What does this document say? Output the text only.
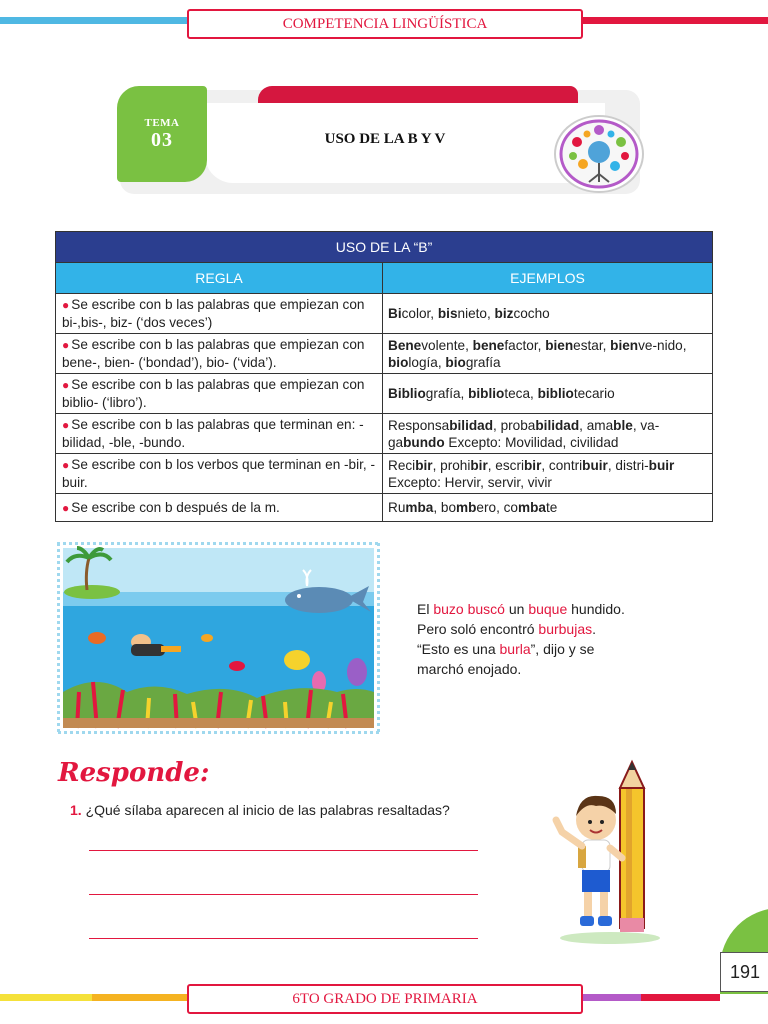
COMPETENCIA LINGÜÍSTICA
TEMA
03	USO DE LA B Y V
USO DE LA “B”	
REGLA	EJEMPLOS
● Se escribe con b las palabras que empiezan con bi-,bis-, biz- (‘dos veces’)	Bicolor, bisnieto, bizcocho
● Se escribe con b las palabras que empiezan con bene-, bien- (‘bondad’), bio- (‘vida’).	Benevolente, benefactor, bienestar, bienve-nido, biología, biografía
● Se escribe con b las palabras que empiezan con biblio- (‘libro’).	Bibliografía, biblioteca, bibliotecario
● Se escribe con b las palabras que terminan en: -bilidad, -ble, -bundo.	Responsabilidad, probabilidad, amable, va-gabundo Excepto: Movilidad, civilidad
● Se escribe con b los verbos que terminan en -bir, -buir.	Recibir, prohibir, escribir, contribuir, distri-buir Excepto: Hervir, servir, vivir
● Se escribe con b después de la m.	Rumba, bombero, combate
El buzo buscó un buque hundido.
Pero soló encontró burbujas.
“Esto es una burla”, dijo y se
marchó enojado.
Responde:
1. ¿Qué sílaba aparecen al inicio de las palabras resaltadas?
191
6TO GRADO DE PRIMARIA
